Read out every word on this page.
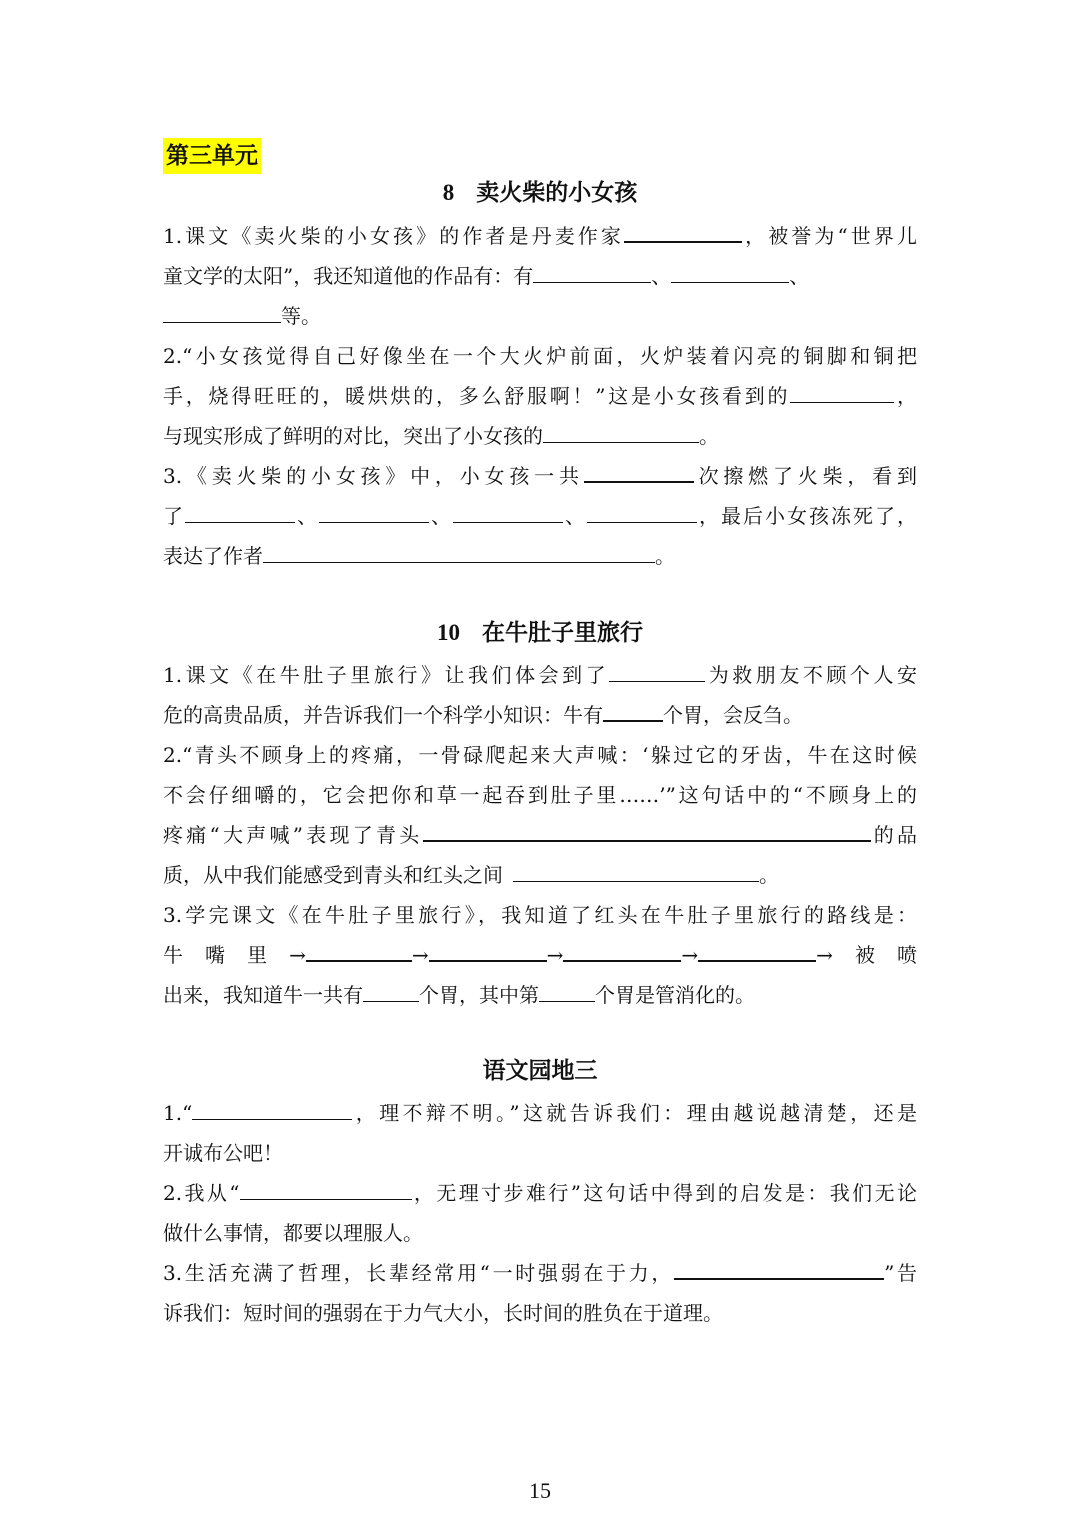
第三单元
8 卖火柴的小女孩
1.课文《卖火柴的小女孩》的作者是丹麦作家	，被誉为“世界儿
童文学的太阳”，我还知道他的作品有：有	、	、
等。
2.“小女孩觉得自己好像坐在一个大火炉前面，火炉装着闪亮的铜脚和铜把
手，烧得旺旺的，暖烘烘的，多么舒服啊！”这是小女孩看到的	，
与现实形成了鲜明的对比，突出了小女孩的	。
3.《卖火柴的小女孩》中，小女孩一共	次擦燃了火柴，看到
了	、	、	、	，最后小女孩冻死了，
表达了作者	。
10 在牛肚子里旅行
1.课文《在牛肚子里旅行》让我们体会到了	为救朋友不顾个人安
危的高贵品质，并告诉我们一个科学小知识：牛有	个胃，会反刍。
2.“青头不顾身上的疼痛，一骨碌爬起来大声喊：‘躲过它的牙齿，牛在这时候
不会仔细嚼的，它会把你和草一起吞到肚子里……’”这句话中的“不顾身上的
疼痛“大声喊”表现了青头	的品
质，从中我们能感受到青头和红头之间	。
3.学完课文《在牛肚子里旅行》，我知道了红头在牛肚子里旅行的路线是：
牛嘴里→	→	→	→	→被喷
出来，我知道牛一共有	个胃，其中第	个胃是管消化的。
语文园地三
1.“	，理不辩不明。”这就告诉我们：理由越说越清楚，还是
开诚布公吧！
2.我从“	，无理寸步难行”这句话中得到的启发是：我们无论
做什么事情，都要以理服人。
3.生活充满了哲理，长辈经常用“一时强弱在于力，	”告
诉我们：短时间的强弱在于力气大小，长时间的胜负在于道理。
15
